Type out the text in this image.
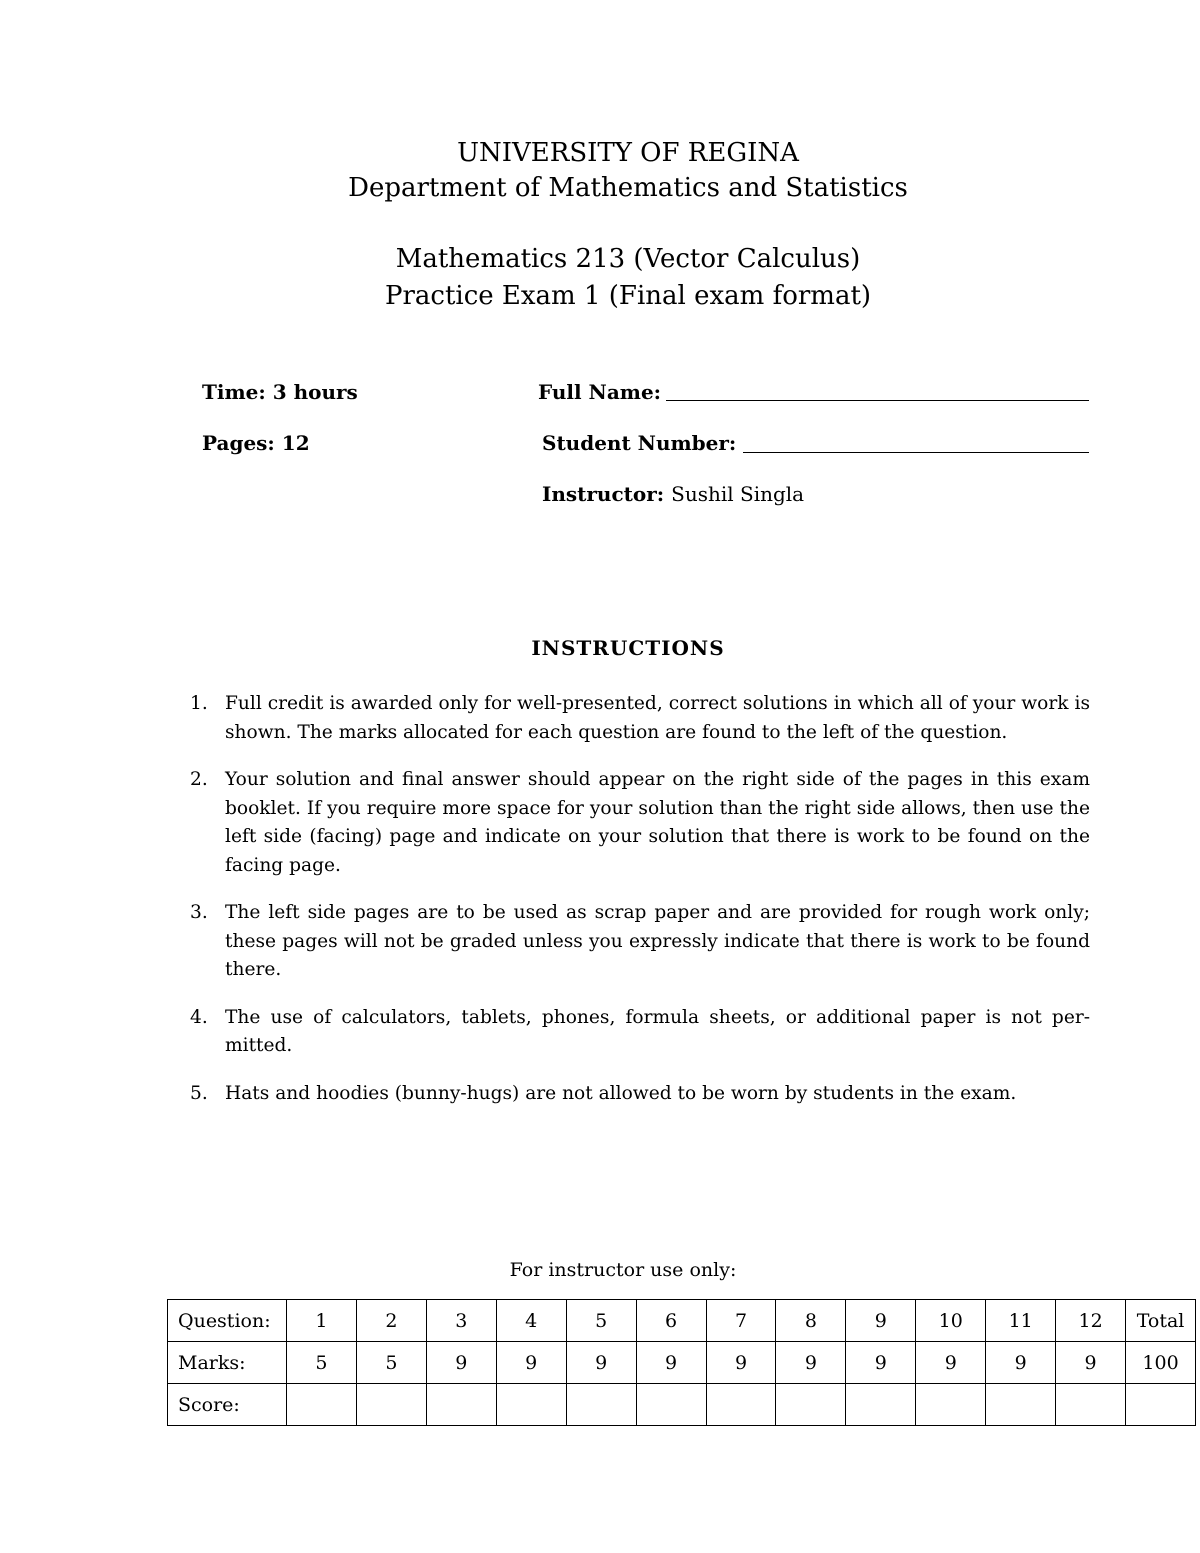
UNIVERSITY OF REGINA
Department of Mathematics and Statistics
Mathematics 213 (Vector Calculus)
Practice Exam 1 (Final exam format)
Time: 3 hours
Pages: 12
Full Name:
Student Number:
Instructor: Sushil Singla
INSTRUCTIONS
1. Full credit is awarded only for well-presented, correct solutions in which all of your work is shown. The marks allocated for each question are found to the left of the question.
2. Your solution and final answer should appear on the right side of the pages in this exam booklet. If you require more space for your solution than the right side allows, then use the left side (facing) page and indicate on your solution that there is work to be found on the facing page.
3. The left side pages are to be used as scrap paper and are provided for rough work only; these pages will not be graded unless you expressly indicate that there is work to be found there.
4. The use of calculators, tablets, phones, formula sheets, or additional paper is not per-mitted.
5. Hats and hoodies (bunny-hugs) are not allowed to be worn by students in the exam.
For instructor use only:
Question:	1	2	3	4	5	6	7	8	9	10	11	12	Total
Marks:	5	5	9	9	9	9	9	9	9	9	9	9	100
Score:													
